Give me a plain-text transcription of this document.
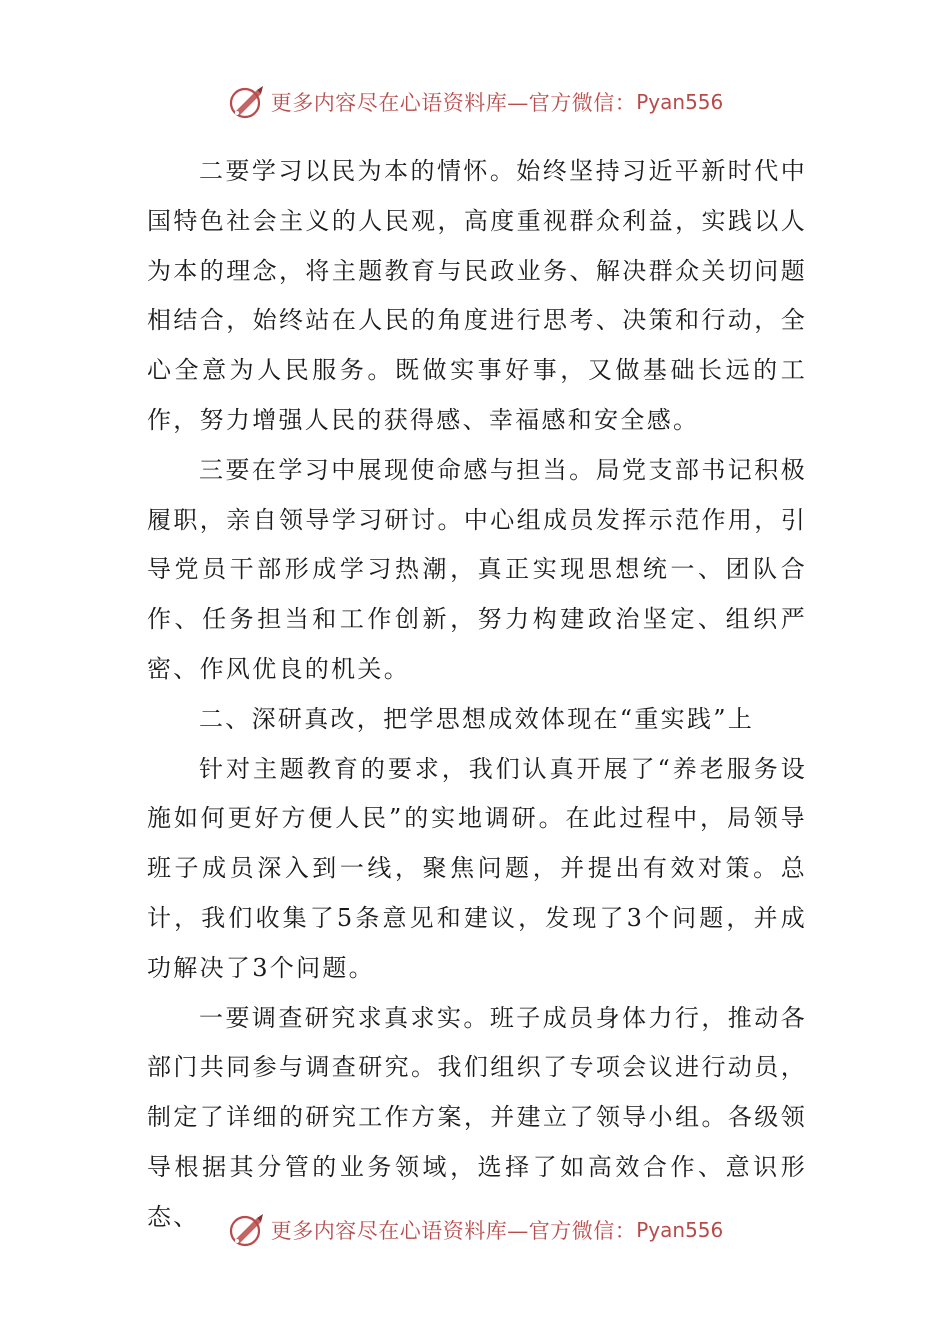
更多内容尽在心语资料库—官方微信： Pyan556

二要学习以民为本的情怀。始终坚持习近平新时代中国特色社会主义的人民观，高度重视群众利益，实践以人为本的理念，将主题教育与民政业务、解决群众关切问题相结合，始终站在人民的角度进行思考、决策和行动，全心全意为人民服务。既做实事好事，又做基础长远的工作，努力增强人民的获得感、幸福感和安全感。

三要在学习中展现使命感与担当。局党支部书记积极履职，亲自领导学习研讨。中心组成员发挥示范作用，引导党员干部形成学习热潮，真正实现思想统一、团队合作、任务担当和工作创新，努力构建政治坚定、组织严密、作风优良的机关。

二、深研真改，把学思想成效体现在“重实践”上

针对主题教育的要求，我们认真开展了“养老服务设施如何更好方便人民”的实地调研。在此过程中，局领导班子成员深入到一线，聚焦问题，并提出有效对策。总计，我们收集了5条意见和建议，发现了3个问题，并成功解决了3个问题。

一要调查研究求真求实。班子成员身体力行，推动各部门共同参与调查研究。我们组织了专项会议进行动员，制定了详细的研究工作方案，并建立了领导小组。各级领导根据其分管的业务领域，选择了如高效合作、意识形态、

更多内容尽在心语资料库—官方微信： Pyan556
